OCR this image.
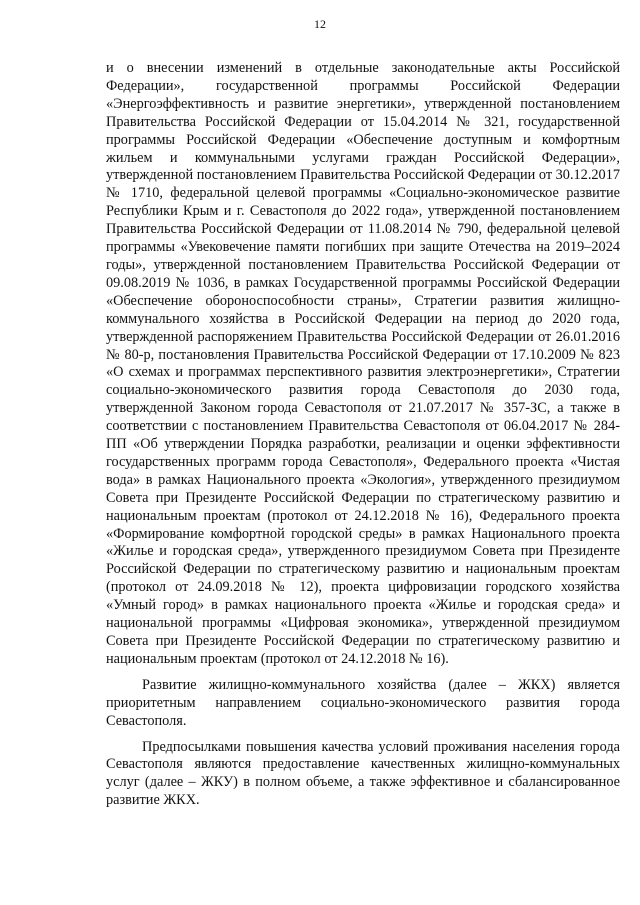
12

и о внесении изменений в отдельные законодательные акты Российской Федерации», государственной программы Российской Федерации «Энергоэффективность и развитие энергетики», утвержденной постановлением Правительства Российской Федерации от 15.04.2014 № 321, государственной программы Российской Федерации «Обеспечение доступным и комфортным жильем и коммунальными услугами граждан Российской Федерации», утвержденной постановлением Правительства Российской Федерации от 30.12.2017 № 1710, федеральной целевой программы «Социально-экономическое развитие Республики Крым и г. Севастополя до 2022 года», утвержденной постановлением Правительства Российской Федерации от 11.08.2014 № 790, федеральной целевой программы «Увековечение памяти погибших при защите Отечества на 2019–2024 годы», утвержденной постановлением Правительства Российской Федерации от 09.08.2019 № 1036, в рамках Государственной программы Российской Федерации «Обеспечение обороноспособности страны», Стратегии развития жилищно-коммунального хозяйства в Российской Федерации на период до 2020 года, утвержденной распоряжением Правительства Российской Федерации от 26.01.2016 № 80-р, постановления Правительства Российской Федерации от 17.10.2009 № 823 «О схемах и программах перспективного развития электроэнергетики», Стратегии социально-экономического развития города Севастополя до 2030 года, утвержденной Законом города Севастополя от 21.07.2017 № 357-ЗС, а также в соответствии с постановлением Правительства Севастополя от 06.04.2017 № 284-ПП «Об утверждении Порядка разработки, реализации и оценки эффективности государственных программ города Севастополя», Федерального проекта «Чистая вода» в рамках Национального проекта «Экология», утвержденного президиумом Совета при Президенте Российской Федерации по стратегическому развитию и национальным проектам (протокол от 24.12.2018 № 16), Федерального проекта «Формирование комфортной городской среды» в рамках Национального проекта «Жилье и городская среда», утвержденного президиумом Совета при Президенте Российской Федерации по стратегическому развитию и национальным проектам (протокол от 24.09.2018 № 12), проекта цифровизации городского хозяйства «Умный город» в рамках национального проекта «Жилье и городская среда» и национальной программы «Цифровая экономика», утвержденной президиумом Совета при Президенте Российской Федерации по стратегическому развитию и национальным проектам (протокол от 24.12.2018 № 16).

Развитие жилищно-коммунального хозяйства (далее – ЖКХ) является приоритетным направлением социально-экономического развития города Севастополя.

Предпосылками повышения качества условий проживания населения города Севастополя являются предоставление качественных жилищно-коммунальных услуг (далее – ЖКУ) в полном объеме, а также эффективное и сбалансированное развитие ЖКХ.
